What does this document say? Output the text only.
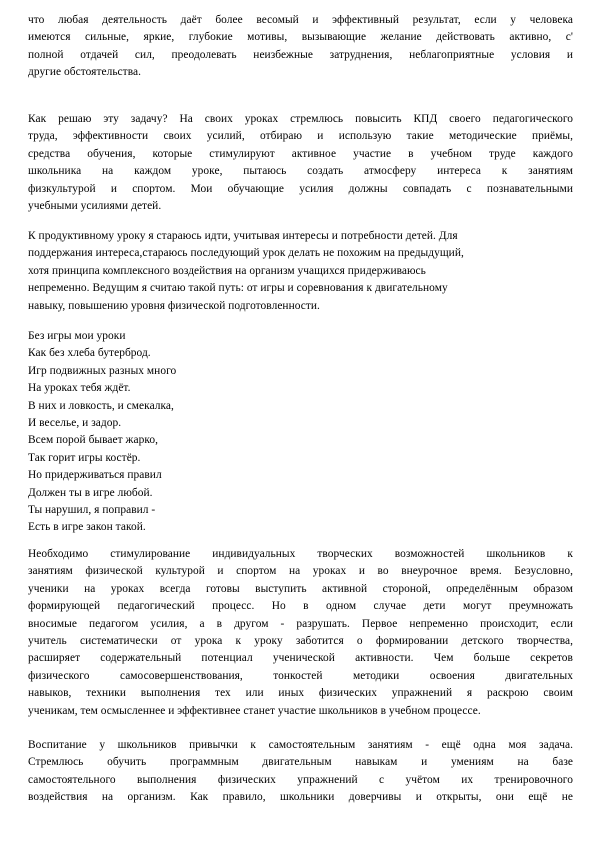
что любая деятельность даёт более весомый и эффективный результат, если у человека
имеются сильные, яркие, глубокие мотивы, вызывающие желание действовать активно, с'
полной отдачей сил, преодолевать неизбежные затруднения, неблагоприятные условия и
другие обстоятельства.
Как решаю эту задачу? На своих уроках стремлюсь повысить КПД своего педагогического
труда, эффективности своих усилий, отбираю и использую такие методические приёмы,
средства обучения, которые стимулируют активное участие в учебном труде каждого
школьника на каждом уроке, пытаюсь создать атмосферу интереса к занятиям
физкультурой и спортом. Мои обучающие усилия должны совпадать с познавательными
учебными усилиями детей.
К продуктивному уроку я стараюсь идти, учитывая интересы и потребности детей. Для
поддержания интереса,стараюсь последующий урок делать не похожим на предыдущий,
хотя принципа комплексного воздействия на организм учащихся придерживаюсь
непременно. Ведущим я считаю такой путь: от игры и соревнования к двигательному
навыку, повышению уровня физической подготовленности.
Без игры мои уроки
Как без хлеба бутерброд.
Игр подвижных разных много
На уроках тебя ждёт.
В них и ловкость, и смекалка,
И веселье, и задор.
Всем порой бывает жарко,
Так горит игры костёр.
Но придерживаться правил
Должен ты в игре любой.
Ты нарушил, я поправил -
Есть в игре закон такой.
Необходимо стимулирование индивидуальных творческих возможностей школьников к
занятиям физической культурой и спортом на уроках и во внеурочное время. Безусловно,
ученики на уроках всегда готовы выступить активной стороной, определённым образом
формирующей педагогический процесс. Но в одном случае дети могут преумножать
вносимые педагогом усилия, а в другом - разрушать. Первое непременно происходит, если
учитель систематически от урока к уроку заботится о формировании детского творчества,
расширяет содержательный потенциал ученической активности. Чем больше секретов
физического самосовершенствования, тонкостей методики освоения двигательных
навыков, техники выполнения тех или иных физических упражнений я раскрою своим
ученикам, тем осмысленнее и эффективнее станет участие школьников в учебном процессе.
Воспитание у школьников привычки к самостоятельным занятиям - ещё одна моя задача.
Стремлюсь обучить программным двигательным навыкам и умениям на базе
самостоятельного выполнения физических упражнений с учётом их тренировочного
воздействия на организм. Как правило, школьники доверчивы и открыты, они ещё не
